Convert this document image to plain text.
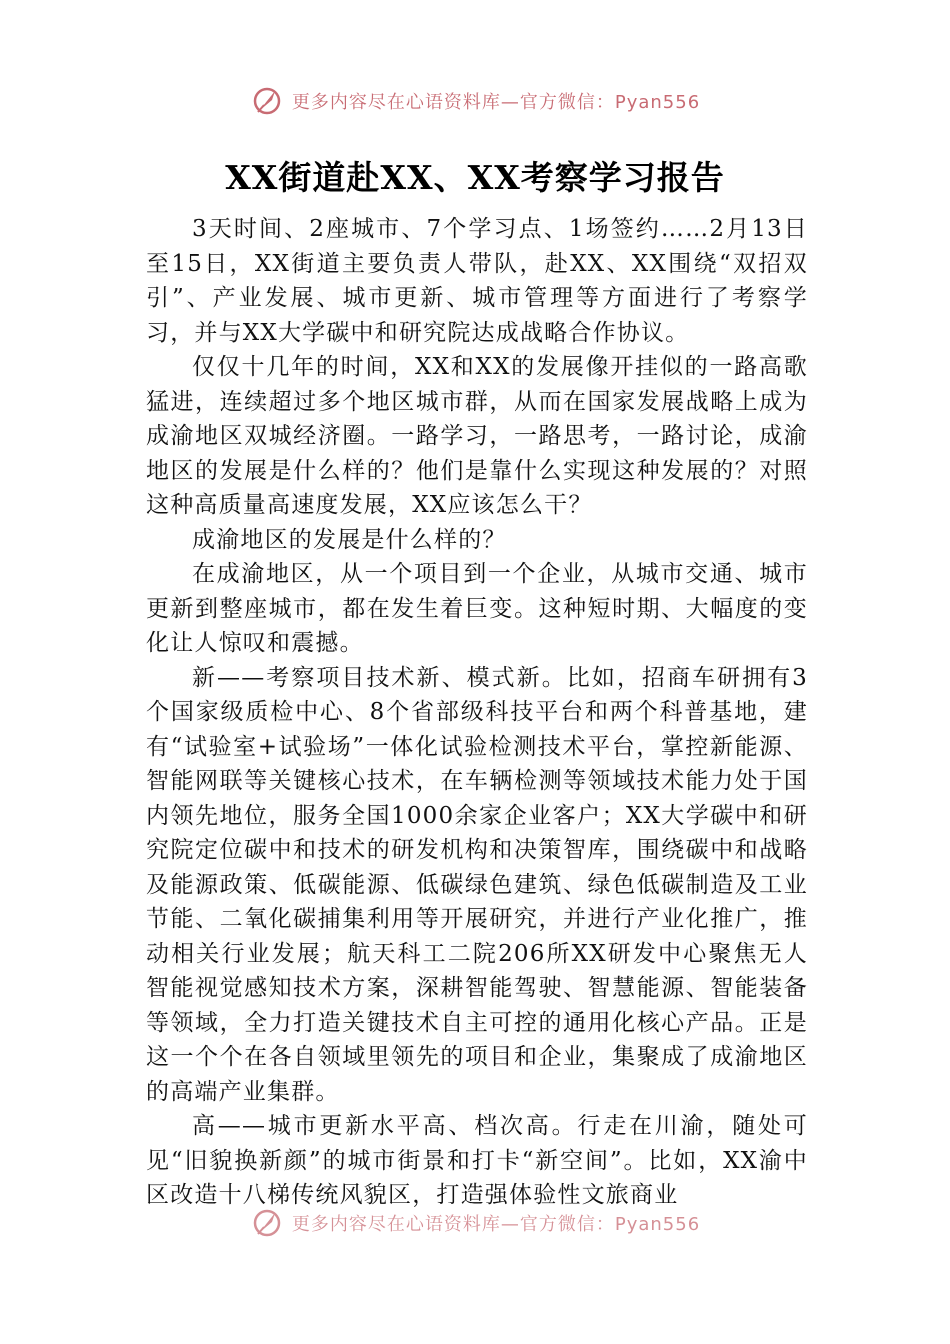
更多内容尽在心语资料库—官方微信：Pyan556
XX街道赴XX、XX考察学习报告

3天时间、2座城市、7个学习点、1场签约……2月13日至15日，XX街道主要负责人带队，赴XX、XX围绕“双招双引”、产业发展、城市更新、城市管理等方面进行了考察学习，并与XX大学碳中和研究院达成战略合作协议。

仅仅十几年的时间，XX和XX的发展像开挂似的一路高歌猛进，连续超过多个地区城市群，从而在国家发展战略上成为成渝地区双城经济圈。一路学习，一路思考，一路讨论，成渝地区的发展是什么样的？他们是靠什么实现这种发展的？对照这种高质量高速度发展，XX应该怎么干？

成渝地区的发展是什么样的？

在成渝地区，从一个项目到一个企业，从城市交通、城市更新到整座城市，都在发生着巨变。这种短时期、大幅度的变化让人惊叹和震撼。

新——考察项目技术新、模式新。比如，招商车研拥有3个国家级质检中心、8个省部级科技平台和两个科普基地，建有“试验室+试验场”一体化试验检测技术平台，掌控新能源、智能网联等关键核心技术，在车辆检测等领域技术能力处于国内领先地位，服务全国1000余家企业客户；XX大学碳中和研究院定位碳中和技术的研发机构和决策智库，围绕碳中和战略及能源政策、低碳能源、低碳绿色建筑、绿色低碳制造及工业节能、二氧化碳捕集利用等开展研究，并进行产业化推广，推动相关行业发展；航天科工二院206所XX研发中心聚焦无人智能视觉感知技术方案，深耕智能驾驶、智慧能源、智能装备等领域，全力打造关键技术自主可控的通用化核心产品。正是这一个个在各自领域里领先的项目和企业，集聚成了成渝地区的高端产业集群。

高——城市更新水平高、档次高。行走在川渝，随处可见“旧貌换新颜”的城市街景和打卡“新空间”。比如，XX渝中区改造十八梯传统风貌区，打造强体验性文旅商业

更多内容尽在心语资料库—官方微信：Pyan556
